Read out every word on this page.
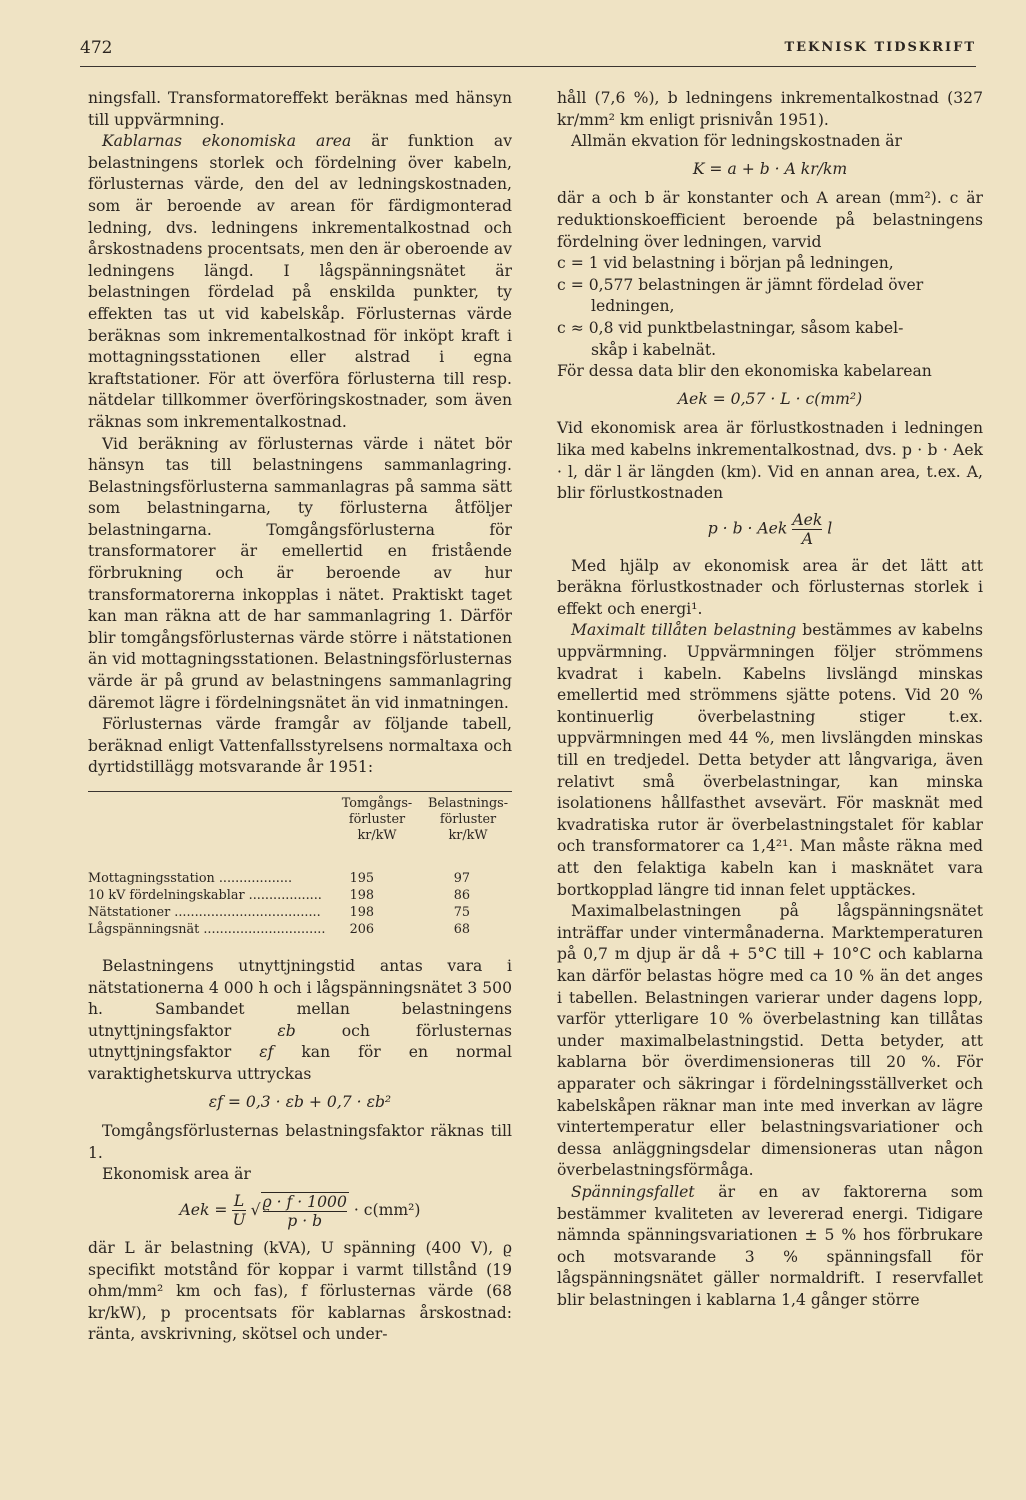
472	TEKNISK TIDSKRIFT

ningsfall. Transformatoreffekt beräknas med hänsyn till uppvärmning.

Kablarnas ekonomiska area är funktion av belastningens storlek och fördelning över kabeln, förlusternas värde, den del av ledningskostnaden, som är beroende av arean för färdigmonterad ledning, dvs. ledningens inkrementalkostnad och årskostnadens procentsats, men den är oberoende av ledningens längd. I lågspänningsnätet är belastningen fördelad på enskilda punkter, ty effekten tas ut vid kabelskåp. Förlusternas värde beräknas som inkrementalkostnad för inköpt kraft i mottagningsstationen eller alstrad i egna kraftstationer. För att överföra förlusterna till resp. nätdelar tillkommer överföringskostnader, som även räknas som inkrementalkostnad.

Vid beräkning av förlusternas värde i nätet bör hänsyn tas till belastningens sammanlagring. Belastningsförlusterna sammanlagras på samma sätt som belastningarna, ty förlusterna åtföljer belastningarna. Tomgångsförlusterna för transformatorer är emellertid en fristående förbrukning och är beroende av hur transformatorerna inkopplas i nätet. Praktiskt taget kan man räkna att de har sammanlagring 1. Därför blir tomgångsförlusternas värde större i nätstationen än vid mottagningsstationen. Belastningsförlusternas värde är på grund av belastningens sammanlagring däremot lägre i fördelningsnätet än vid inmatningen.

Förlusternas värde framgår av följande tabell, beräknad enligt Vattenfallsstyrelsens normaltaxa och dyrtidstillägg motsvarande år 1951:

Tomgångs-
förluster
kr/kW
Belastnings-
förluster
kr/kW
Mottagningsstation ..................	195	97
10 kV fördelningskablar ..................	198	86
Nätstationer ....................................	198	75
Lågspänningsnät ..............................	206	68

Belastningens utnyttjningstid antas vara i nätstationerna 4 000 h och i lågspänningsnätet 3 500 h. Sambandet mellan belastningens utnyttjningsfaktor εb och förlusternas utnyttjningsfaktor εf kan för en normal varaktighetskurva uttryckas

εf = 0,3 · εb + 0,7 · εb²

Tomgångsförlusternas belastningsfaktor räknas till 1.

Ekonomisk area är

Aek = $\frac{L}{U}$ √ $\frac{ϱ \cdot f \cdot 1000}{p \cdot b} \cdot c(mm^2)$

där L är belastning (kVA), U spänning (400 V), ϱ specifikt motstånd för koppar i varmt tillstånd (19 ohm/mm² km och fas), f förlusternas värde (68 kr/kW), p procentsats för kablarnas årskostnad: ränta, avskrivning, skötsel och under-

håll (7,6 %), b ledningens inkrementalkostnad (327 kr/mm² km enligt prisnivån 1951).

Allmän ekvation för ledningskostnaden är

K = a + b · A kr/km

där a och b är konstanter och A arean (mm²). c är reduktionskoefficient beroende på belastningens fördelning över ledningen, varvid

c = 1 vid belastning i början på ledningen,

c = 0,577 belastningen är jämnt fördelad över

ledningen,

c ≈ 0,8 vid punktbelastningar, såsom kabel-

skåp i kabelnät.

För dessa data blir den ekonomiska kabelarean

Aek = 0,57 · L · c(mm²)

Vid ekonomisk area är förlustkostnaden i ledningen lika med kabelns inkrementalkostnad, dvs. p · b · Aek · l, där l är längden (km). Vid en annan area, t.ex. A, blir förlustkostnaden

p · b · Aek $\frac{\text{Aek}}{A}$ l

Med hjälp av ekonomisk area är det lätt att beräkna förlustkostnader och förlusternas storlek i effekt och energi¹.

Maximalt tillåten belastning bestämmes av kabelns uppvärmning. Uppvärmningen följer strömmens kvadrat i kabeln. Kabelns livslängd minskas emellertid med strömmens sjätte potens. Vid 20 % kontinuerlig överbelastning stiger t.ex. uppvärmningen med 44 %, men livslängden minskas till en tredjedel. Detta betyder att långvariga, även relativt små överbelastningar, kan minska isolationens hållfasthet avsevärt. För masknät med kvadratiska rutor är överbelastningstalet för kablar och transformatorer ca 1,4²¹. Man måste räkna med att den felaktiga kabeln kan i masknätet vara bortkopplad längre tid innan felet upptäckes.

Maximalbelastningen på lågspänningsnätet inträffar under vintermånaderna. Marktemperaturen på 0,7 m djup är då + 5°C till + 10°C och kablarna kan därför belastas högre med ca 10 % än det anges i tabellen. Belastningen varierar under dagens lopp, varför ytterligare 10 % överbelastning kan tillåtas under maximalbelastningstid. Detta betyder, att kablarna bör överdimensioneras till 20 %. För apparater och säkringar i fördelningsställverket och kabelskåpen räknar man inte med inverkan av lägre vintertemperatur eller belastningsvariationer och dessa anläggningsdelar dimensioneras utan någon överbelastningsförmåga.

Spänningsfallet är en av faktorerna som bestämmer kvaliteten av levererad energi. Tidigare nämnda spänningsvariationen ± 5 % hos förbrukare och motsvarande 3 % spänningsfall för lågspänningsnätet gäller normaldrift. I reservfallet blir belastningen i kablarna 1,4 gånger större
